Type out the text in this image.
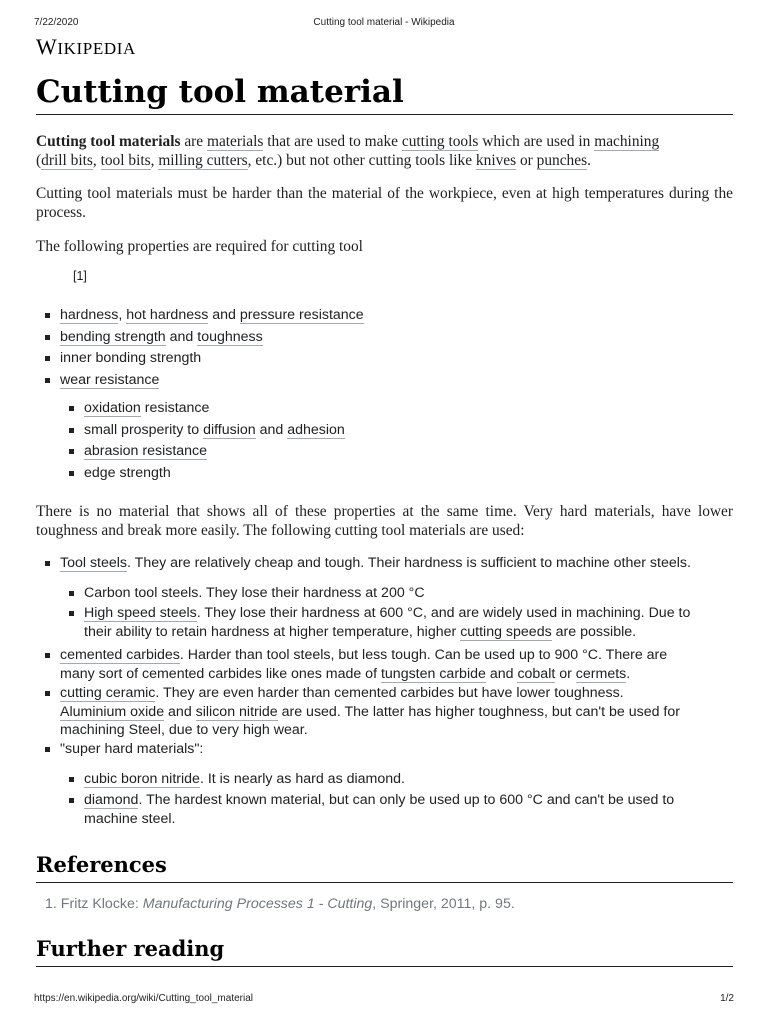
7/22/2020	Cutting tool material - Wikipedia
WIKIPEDIA
Cutting tool material
Cutting tool materials are materials that are used to make cutting tools which are used in machining
(drill bits, tool bits, milling cutters, etc.) but not other cutting tools like knives or punches.

Cutting tool materials must be harder than the material of the workpiece, even at high temperatures during the process.

The following properties are required for cutting tool

[1]
hardness, hot hardness and pressure resistance
bending strength and toughness
inner bonding strength
wear resistance
oxidation resistance
small prosperity to diffusion and adhesion
abrasion resistance
edge strength

There is no material that shows all of these properties at the same time. Very hard materials, have lower toughness and break more easily. The following cutting tool materials are used:

Tool steels. They are relatively cheap and tough. Their hardness is sufficient to machine other steels.
Carbon tool steels. They lose their hardness at 200 °C
High speed steels. They lose their hardness at 600 °C, and are widely used in machining. Due to
their ability to retain hardness at higher temperature, higher cutting speeds are possible.
cemented carbides. Harder than tool steels, but less tough. Can be used up to 900 °C. There are
many sort of cemented carbides like ones made of tungsten carbide and cobalt or cermets.
cutting ceramic. They are even harder than cemented carbides but have lower toughness.
Aluminium oxide and silicon nitride are used. The latter has higher toughness, but can't be used for
machining Steel, due to very high wear.
"super hard materials":
cubic boron nitride. It is nearly as hard as diamond.
diamond. The hardest known material, but can only be used up to 600 °C and can't be used to
machine steel.
References
1. Fritz Klocke: Manufacturing Processes 1 - Cutting, Springer, 2011, p. 95.
Further reading
https://en.wikipedia.org/wiki/Cutting_tool_material	1/2
